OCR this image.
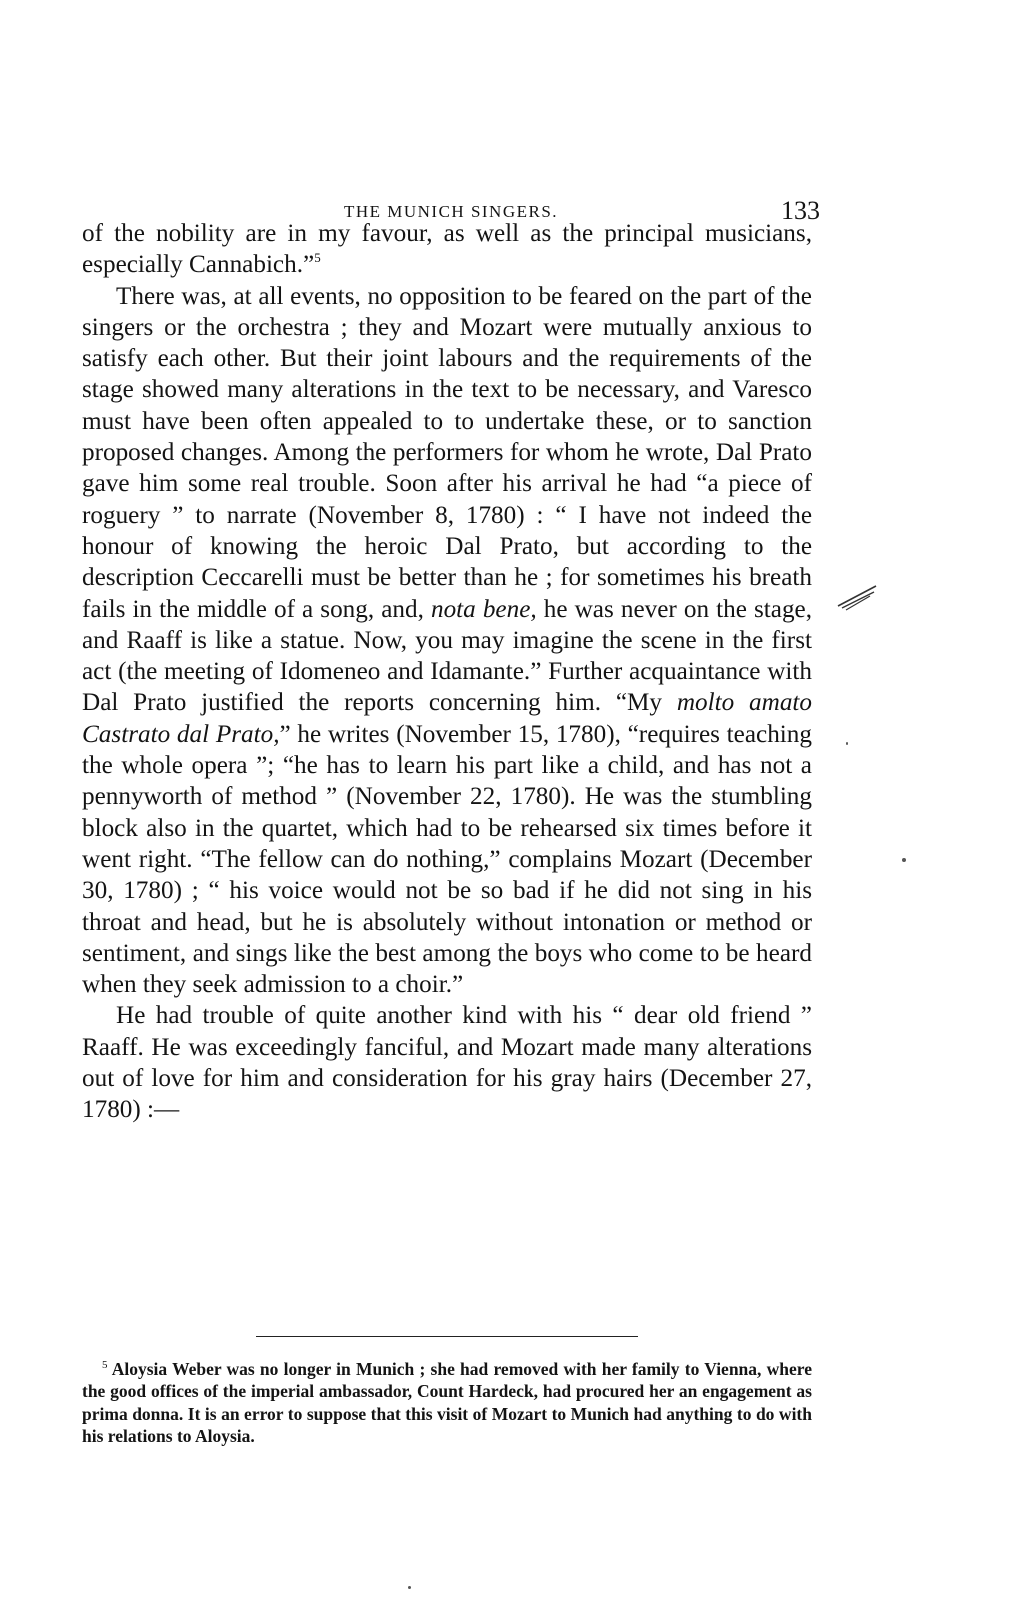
THE MUNICH SINGERS.	133

of the nobility are in my favour, as well as the principal musicians, especially Cannabich.”$^5$

There was, at all events, no opposition to be feared on the part of the singers or the orchestra ; they and Mozart were mutually anxious to satisfy each other. But their joint labours and the requirements of the stage showed many alterations in the text to be necessary, and Varesco must have been often appealed to to undertake these, or to sanction proposed changes. Among the performers for whom he wrote, Dal Prato gave him some real trouble. Soon after his arrival he had “a piece of roguery ” to narrate (November 8, 1780) : “ I have not indeed the honour of knowing the heroic Dal Prato, but according to the description Ceccarelli must be better than he ; for sometimes his breath fails in the middle of a song, and, nota bene, he was never on the stage, and Raaff is like a statue. Now, you may imagine the scene in the first act (the meeting of Idomeneo and Idamante.” Further acquaintance with Dal Prato justified the reports concerning him. “My molto amato Castrato dal Prato,” he writes (November 15, 1780), “requires teaching the whole opera ”; “he has to learn his part like a child, and has not a pennyworth of method ” (November 22, 1780). He was the stumbling block also in the quartet, which had to be rehearsed six times before it went right. “The fellow can do nothing,” complains Mozart (December 30, 1780) ; “ his voice would not be so bad if he did not sing in his throat and head, but he is absolutely without intonation or method or sentiment, and sings like the best among the boys who come to be heard when they seek admission to a choir.”

He had trouble of quite another kind with his “ dear old friend ” Raaff. He was exceedingly fanciful, and Mozart made many alterations out of love for him and consideration for his gray hairs (December 27, 1780) :—

$^5$ Aloysia Weber was no longer in Munich ; she had removed with her family to Vienna, where the good offices of the imperial ambassador, Count Hardeck, had procured her an engagement as prima donna. It is an error to suppose that this visit of Mozart to Munich had anything to do with his relations to Aloysia.
